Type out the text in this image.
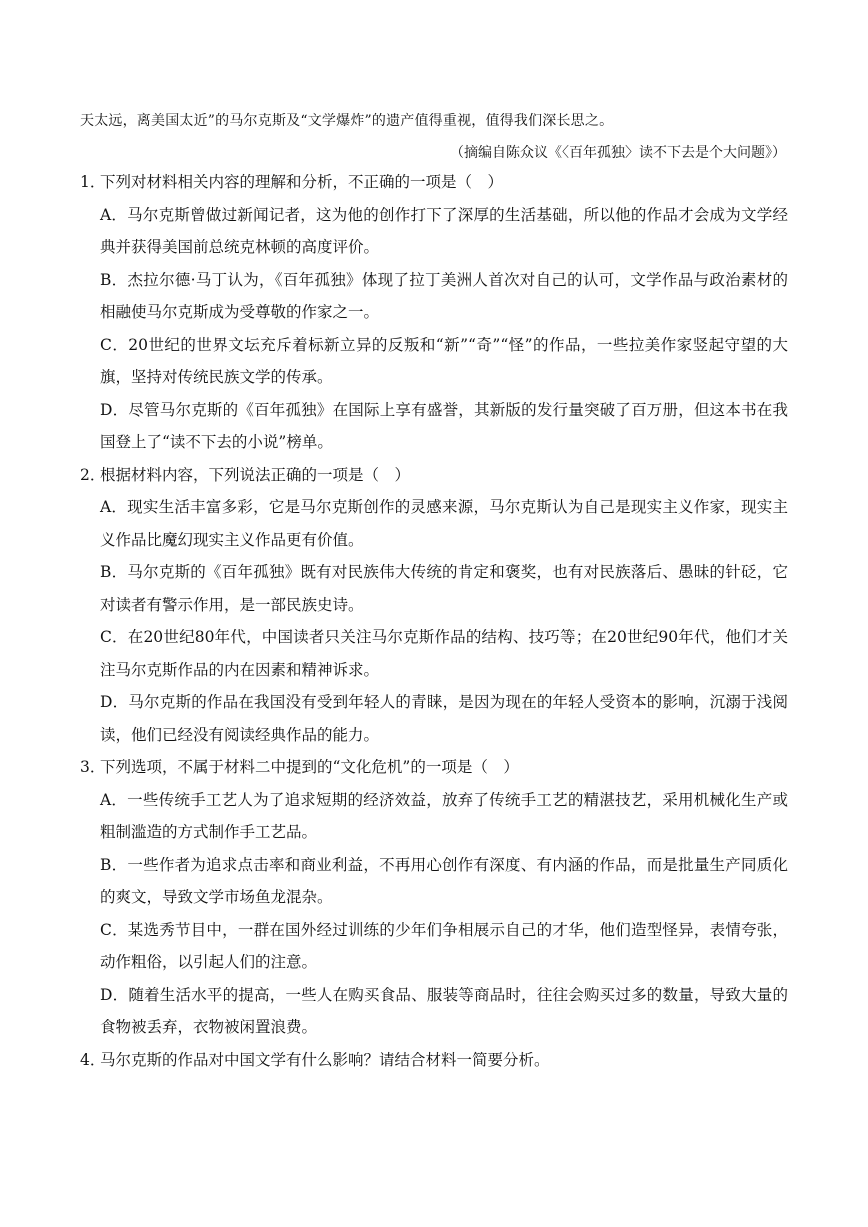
天太远，离美国太近”的马尔克斯及“文学爆炸”的遗产值得重视，值得我们深长思之。

（摘编自陈众议《〈百年孤独〉读不下去是个大问题》）

1．下列对材料相关内容的理解和分析，不正确的一项是（　）

A．马尔克斯曾做过新闻记者，这为他的创作打下了深厚的生活基础，所以他的作品才会成为文学经典并获得美国前总统克林顿的高度评价。

B．杰拉尔德·马丁认为，《百年孤独》体现了拉丁美洲人首次对自己的认可，文学作品与政治素材的相融使马尔克斯成为受尊敬的作家之一。

C．20世纪的世界文坛充斥着标新立异的反叛和“新”“奇”“怪”的作品，一些拉美作家竖起守望的大旗，坚持对传统民族文学的传承。

D．尽管马尔克斯的《百年孤独》在国际上享有盛誉，其新版的发行量突破了百万册，但这本书在我国登上了“读不下去的小说”榜单。

2．根据材料内容，下列说法正确的一项是（　）

A．现实生活丰富多彩，它是马尔克斯创作的灵感来源，马尔克斯认为自己是现实主义作家，现实主义作品比魔幻现实主义作品更有价值。

B．马尔克斯的《百年孤独》既有对民族伟大传统的肯定和褒奖，也有对民族落后、愚昧的针砭，它对读者有警示作用，是一部民族史诗。

C．在20世纪80年代，中国读者只关注马尔克斯作品的结构、技巧等；在20世纪90年代，他们才关注马尔克斯作品的内在因素和精神诉求。

D．马尔克斯的作品在我国没有受到年轻人的青睐，是因为现在的年轻人受资本的影响，沉溺于浅阅读，他们已经没有阅读经典作品的能力。

3．下列选项，不属于材料二中提到的“文化危机”的一项是（　）

A．一些传统手工艺人为了追求短期的经济效益，放弃了传统手工艺的精湛技艺，采用机械化生产或粗制滥造的方式制作手工艺品。

B．一些作者为追求点击率和商业利益，不再用心创作有深度、有内涵的作品，而是批量生产同质化的爽文，导致文学市场鱼龙混杂。

C．某选秀节目中，一群在国外经过训练的少年们争相展示自己的才华，他们造型怪异，表情夸张，动作粗俗，以引起人们的注意。

D．随着生活水平的提高，一些人在购买食品、服装等商品时，往往会购买过多的数量，导致大量的食物被丢弃，衣物被闲置浪费。

4．马尔克斯的作品对中国文学有什么影响？请结合材料一简要分析。
